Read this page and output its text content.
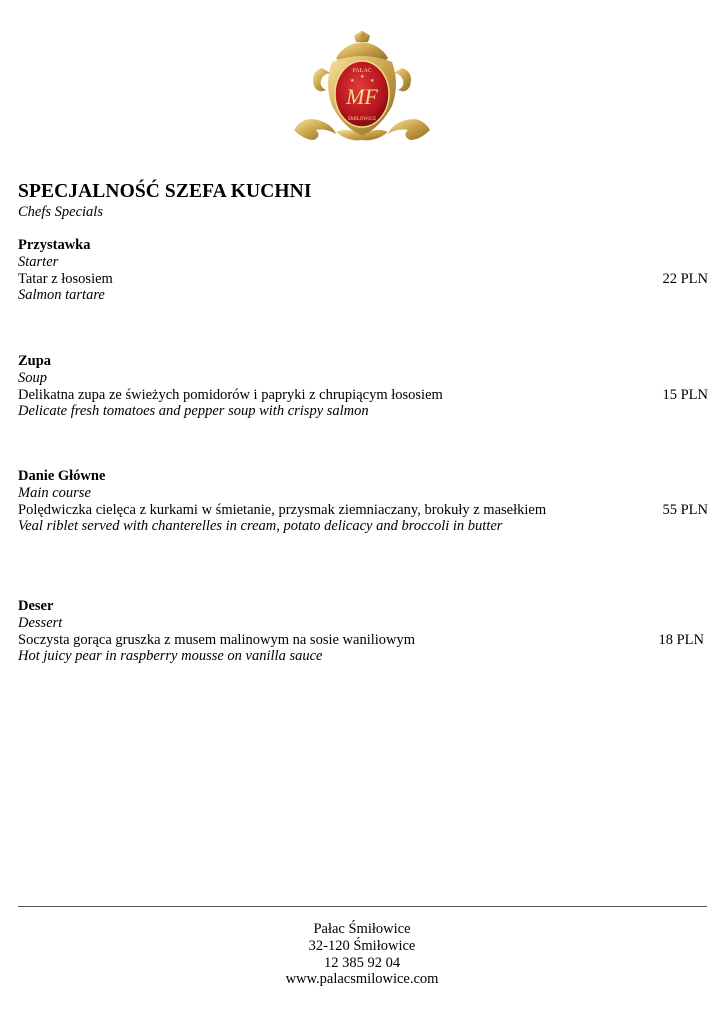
★	★
★
PAŁAC
MF
ŚMIŁOWICE
SPECJALNOŚĆ SZEFA KUCHNI
Chefs Specials
Przystawka
Starter
Tatar z łososiem	22 PLN
Salmon tartare
Zupa
Soup
Delikatna zupa ze świeżych pomidorów i papryki z chrupiącym łososiem	15 PLN
Delicate fresh tomatoes and pepper soup with crispy salmon
Danie Główne
Main course
Polędwiczka cielęca z kurkami w śmietanie, przysmak ziemniaczany, brokuły z masełkiem	55 PLN
Veal riblet served with chanterelles in cream, potato delicacy and broccoli in butter
Deser
Dessert
Soczysta gorąca gruszka z musem malinowym na sosie waniliowym	18 PLN
Hot juicy pear in raspberry mousse on vanilla sauce
Pałac Śmiłowice
32-120 Śmiłowice
12 385 92 04
www.palacsmilowice.com
